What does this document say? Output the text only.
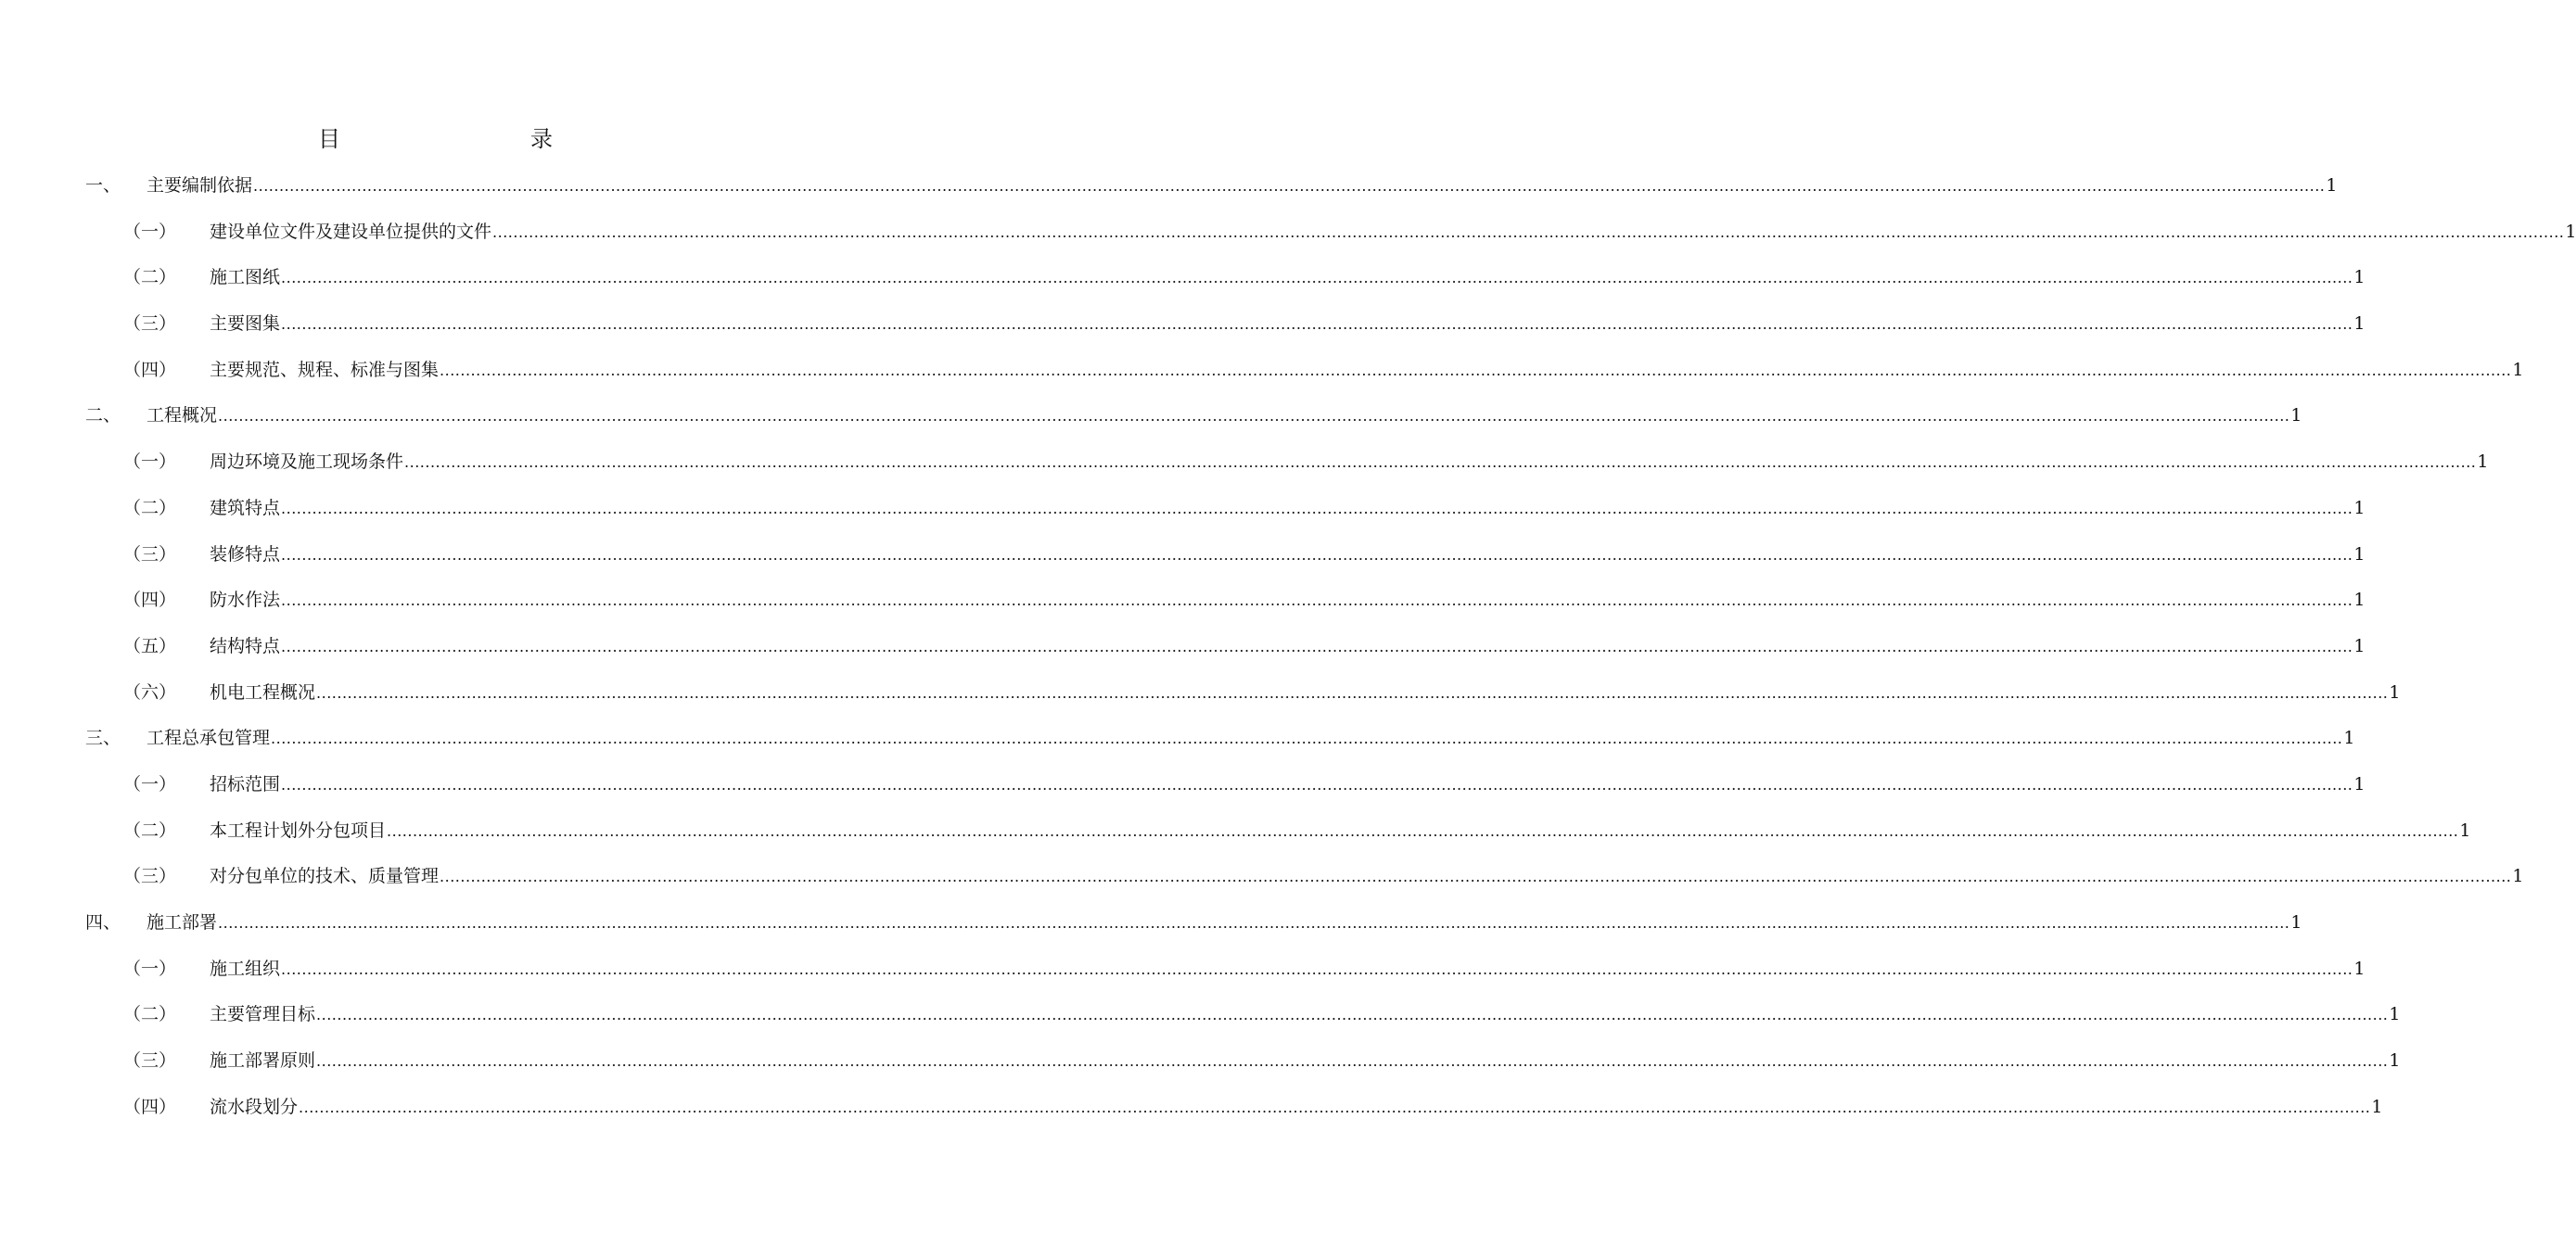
目	录
一、 主要编制依据 ................................................................................................................................................................................................................................................................................................................................................................................................................ 1
（一） 建设单位文件及建设单位提供的文件 ................................................................................................................................................................................................................................................................................................................................................................................................................ 1
（二） 施工图纸 ................................................................................................................................................................................................................................................................................................................................................................................................................ 1
（三） 主要图集 ................................................................................................................................................................................................................................................................................................................................................................................................................ 1
（四） 主要规范、规程、标准与图集 ................................................................................................................................................................................................................................................................................................................................................................................................................ 1
二、 工程概况 ................................................................................................................................................................................................................................................................................................................................................................................................................ 1
（一） 周边环境及施工现场条件 ................................................................................................................................................................................................................................................................................................................................................................................................................ 1
（二） 建筑特点 ................................................................................................................................................................................................................................................................................................................................................................................................................ 1
（三） 装修特点 ................................................................................................................................................................................................................................................................................................................................................................................................................ 1
（四） 防水作法 ................................................................................................................................................................................................................................................................................................................................................................................................................ 1
（五） 结构特点 ................................................................................................................................................................................................................................................................................................................................................................................................................ 1
（六） 机电工程概况 ................................................................................................................................................................................................................................................................................................................................................................................................................ 1
三、 工程总承包管理 ................................................................................................................................................................................................................................................................................................................................................................................................................ 1
（一） 招标范围 ................................................................................................................................................................................................................................................................................................................................................................................................................ 1
（二） 本工程计划外分包项目 ................................................................................................................................................................................................................................................................................................................................................................................................................ 1
（三） 对分包单位的技术、质量管理 ................................................................................................................................................................................................................................................................................................................................................................................................................ 1
四、 施工部署 ................................................................................................................................................................................................................................................................................................................................................................................................................ 1
（一） 施工组织 ................................................................................................................................................................................................................................................................................................................................................................................................................ 1
（二） 主要管理目标 ................................................................................................................................................................................................................................................................................................................................................................................................................ 1
（三） 施工部署原则 ................................................................................................................................................................................................................................................................................................................................................................................................................ 1
（四） 流水段划分 ................................................................................................................................................................................................................................................................................................................................................................................................................ 1
